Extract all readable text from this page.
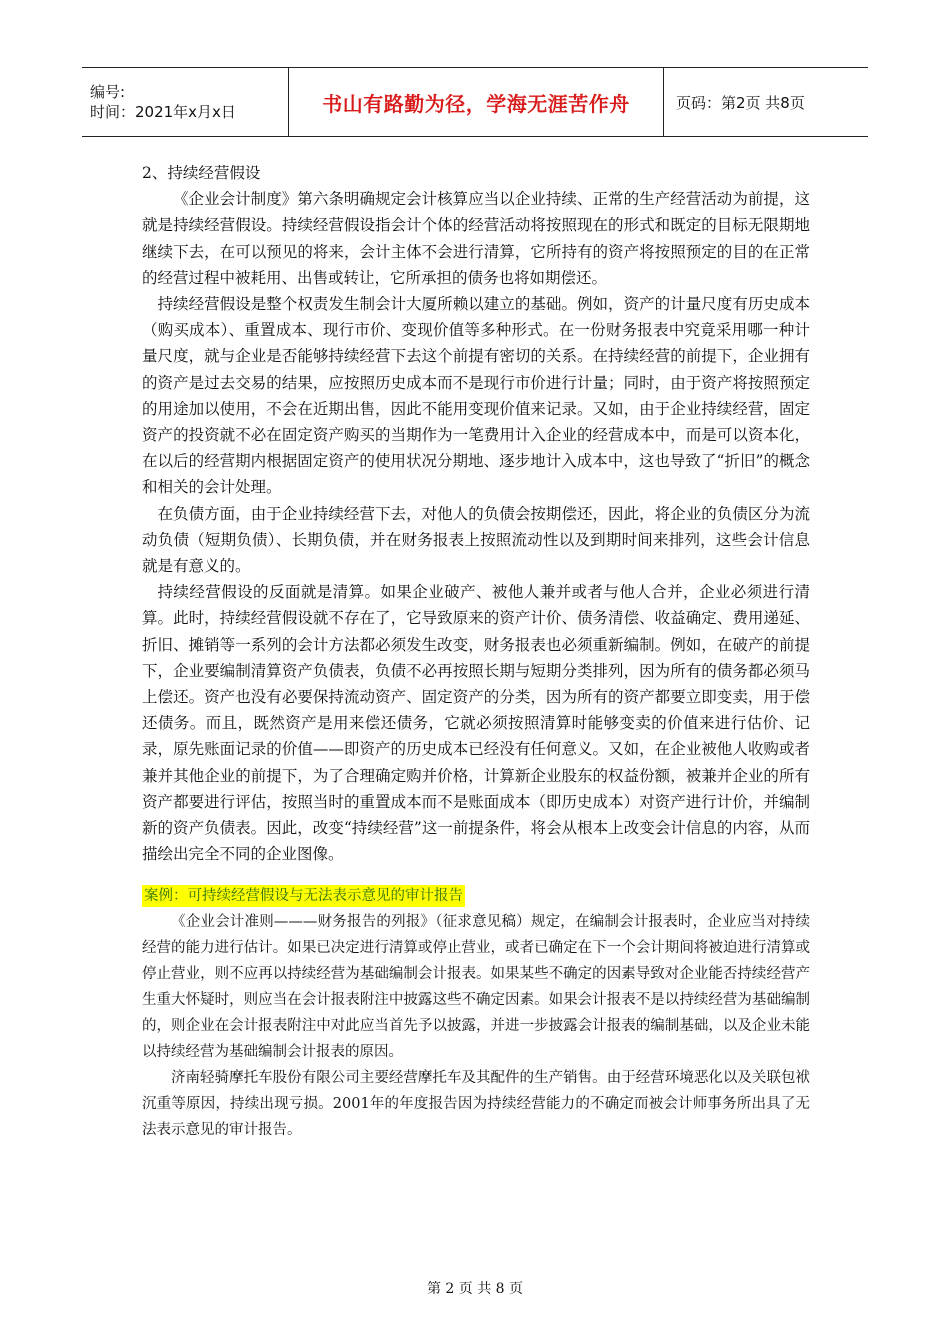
编号:
时间：2021年x月x日	书山有路勤为径，学海无涯苦作舟	页码：第2页 共8页

2、持续经营假设

《企业会计制度》第六条明确规定会计核算应当以企业持续、正常的生产经营活动为前提，这就是持续经营假设。持续经营假设指会计个体的经营活动将按照现在的形式和既定的目标无限期地继续下去，在可以预见的将来，会计主体不会进行清算，它所持有的资产将按照预定的目的在正常的经营过程中被耗用、出售或转让，它所承担的债务也将如期偿还。

持续经营假设是整个权责发生制会计大厦所赖以建立的基础。例如，资产的计量尺度有历史成本（购买成本）、重置成本、现行市价、变现价值等多种形式。在一份财务报表中究竟采用哪一种计量尺度，就与企业是否能够持续经营下去这个前提有密切的关系。在持续经营的前提下，企业拥有的资产是过去交易的结果，应按照历史成本而不是现行市价进行计量；同时，由于资产将按照预定的用途加以使用，不会在近期出售，因此不能用变现价值来记录。又如，由于企业持续经营，固定资产的投资就不必在固定资产购买的当期作为一笔费用计入企业的经营成本中，而是可以资本化，在以后的经营期内根据固定资产的使用状况分期地、逐步地计入成本中，这也导致了“折旧”的概念和相关的会计处理。

在负债方面，由于企业持续经营下去，对他人的负债会按期偿还，因此，将企业的负债区分为流动负债（短期负债）、长期负债，并在财务报表上按照流动性以及到期时间来排列，这些会计信息就是有意义的。

持续经营假设的反面就是清算。如果企业破产、被他人兼并或者与他人合并，企业必须进行清算。此时，持续经营假设就不存在了，它导致原来的资产计价、债务清偿、收益确定、费用递延、折旧、摊销等一系列的会计方法都必须发生改变，财务报表也必须重新编制。例如，在破产的前提下，企业要编制清算资产负债表，负债不必再按照长期与短期分类排列，因为所有的债务都必须马上偿还。资产也没有必要保持流动资产、固定资产的分类，因为所有的资产都要立即变卖，用于偿还债务。而且，既然资产是用来偿还债务，它就必须按照清算时能够变卖的价值来进行估价、记录，原先账面记录的价值——即资产的历史成本已经没有任何意义。又如，在企业被他人收购或者兼并其他企业的前提下，为了合理确定购并价格，计算新企业股东的权益份额，被兼并企业的所有资产都要进行评估，按照当时的重置成本而不是账面成本（即历史成本）对资产进行计价，并编制新的资产负债表。因此，改变“持续经营”这一前提条件，将会从根本上改变会计信息的内容，从而描绘出完全不同的企业图像。

案例：可持续经营假设与无法表示意见的审计报告

《企业会计准则———财务报告的列报》（征求意见稿）规定，在编制会计报表时，企业应当对持续经营的能力进行估计。如果已决定进行清算或停止营业，或者已确定在下一个会计期间将被迫进行清算或停止营业，则不应再以持续经营为基础编制会计报表。如果某些不确定的因素导致对企业能否持续经营产生重大怀疑时，则应当在会计报表附注中披露这些不确定因素。如果会计报表不是以持续经营为基础编制的，则企业在会计报表附注中对此应当首先予以披露，并进一步披露会计报表的编制基础，以及企业未能以持续经营为基础编制会计报表的原因。

济南轻骑摩托车股份有限公司主要经营摩托车及其配件的生产销售。由于经营环境恶化以及关联包袱沉重等原因，持续出现亏损。2001年的年度报告因为持续经营能力的不确定而被会计师事务所出具了无法表示意见的审计报告。

第 2 页 共 8 页
